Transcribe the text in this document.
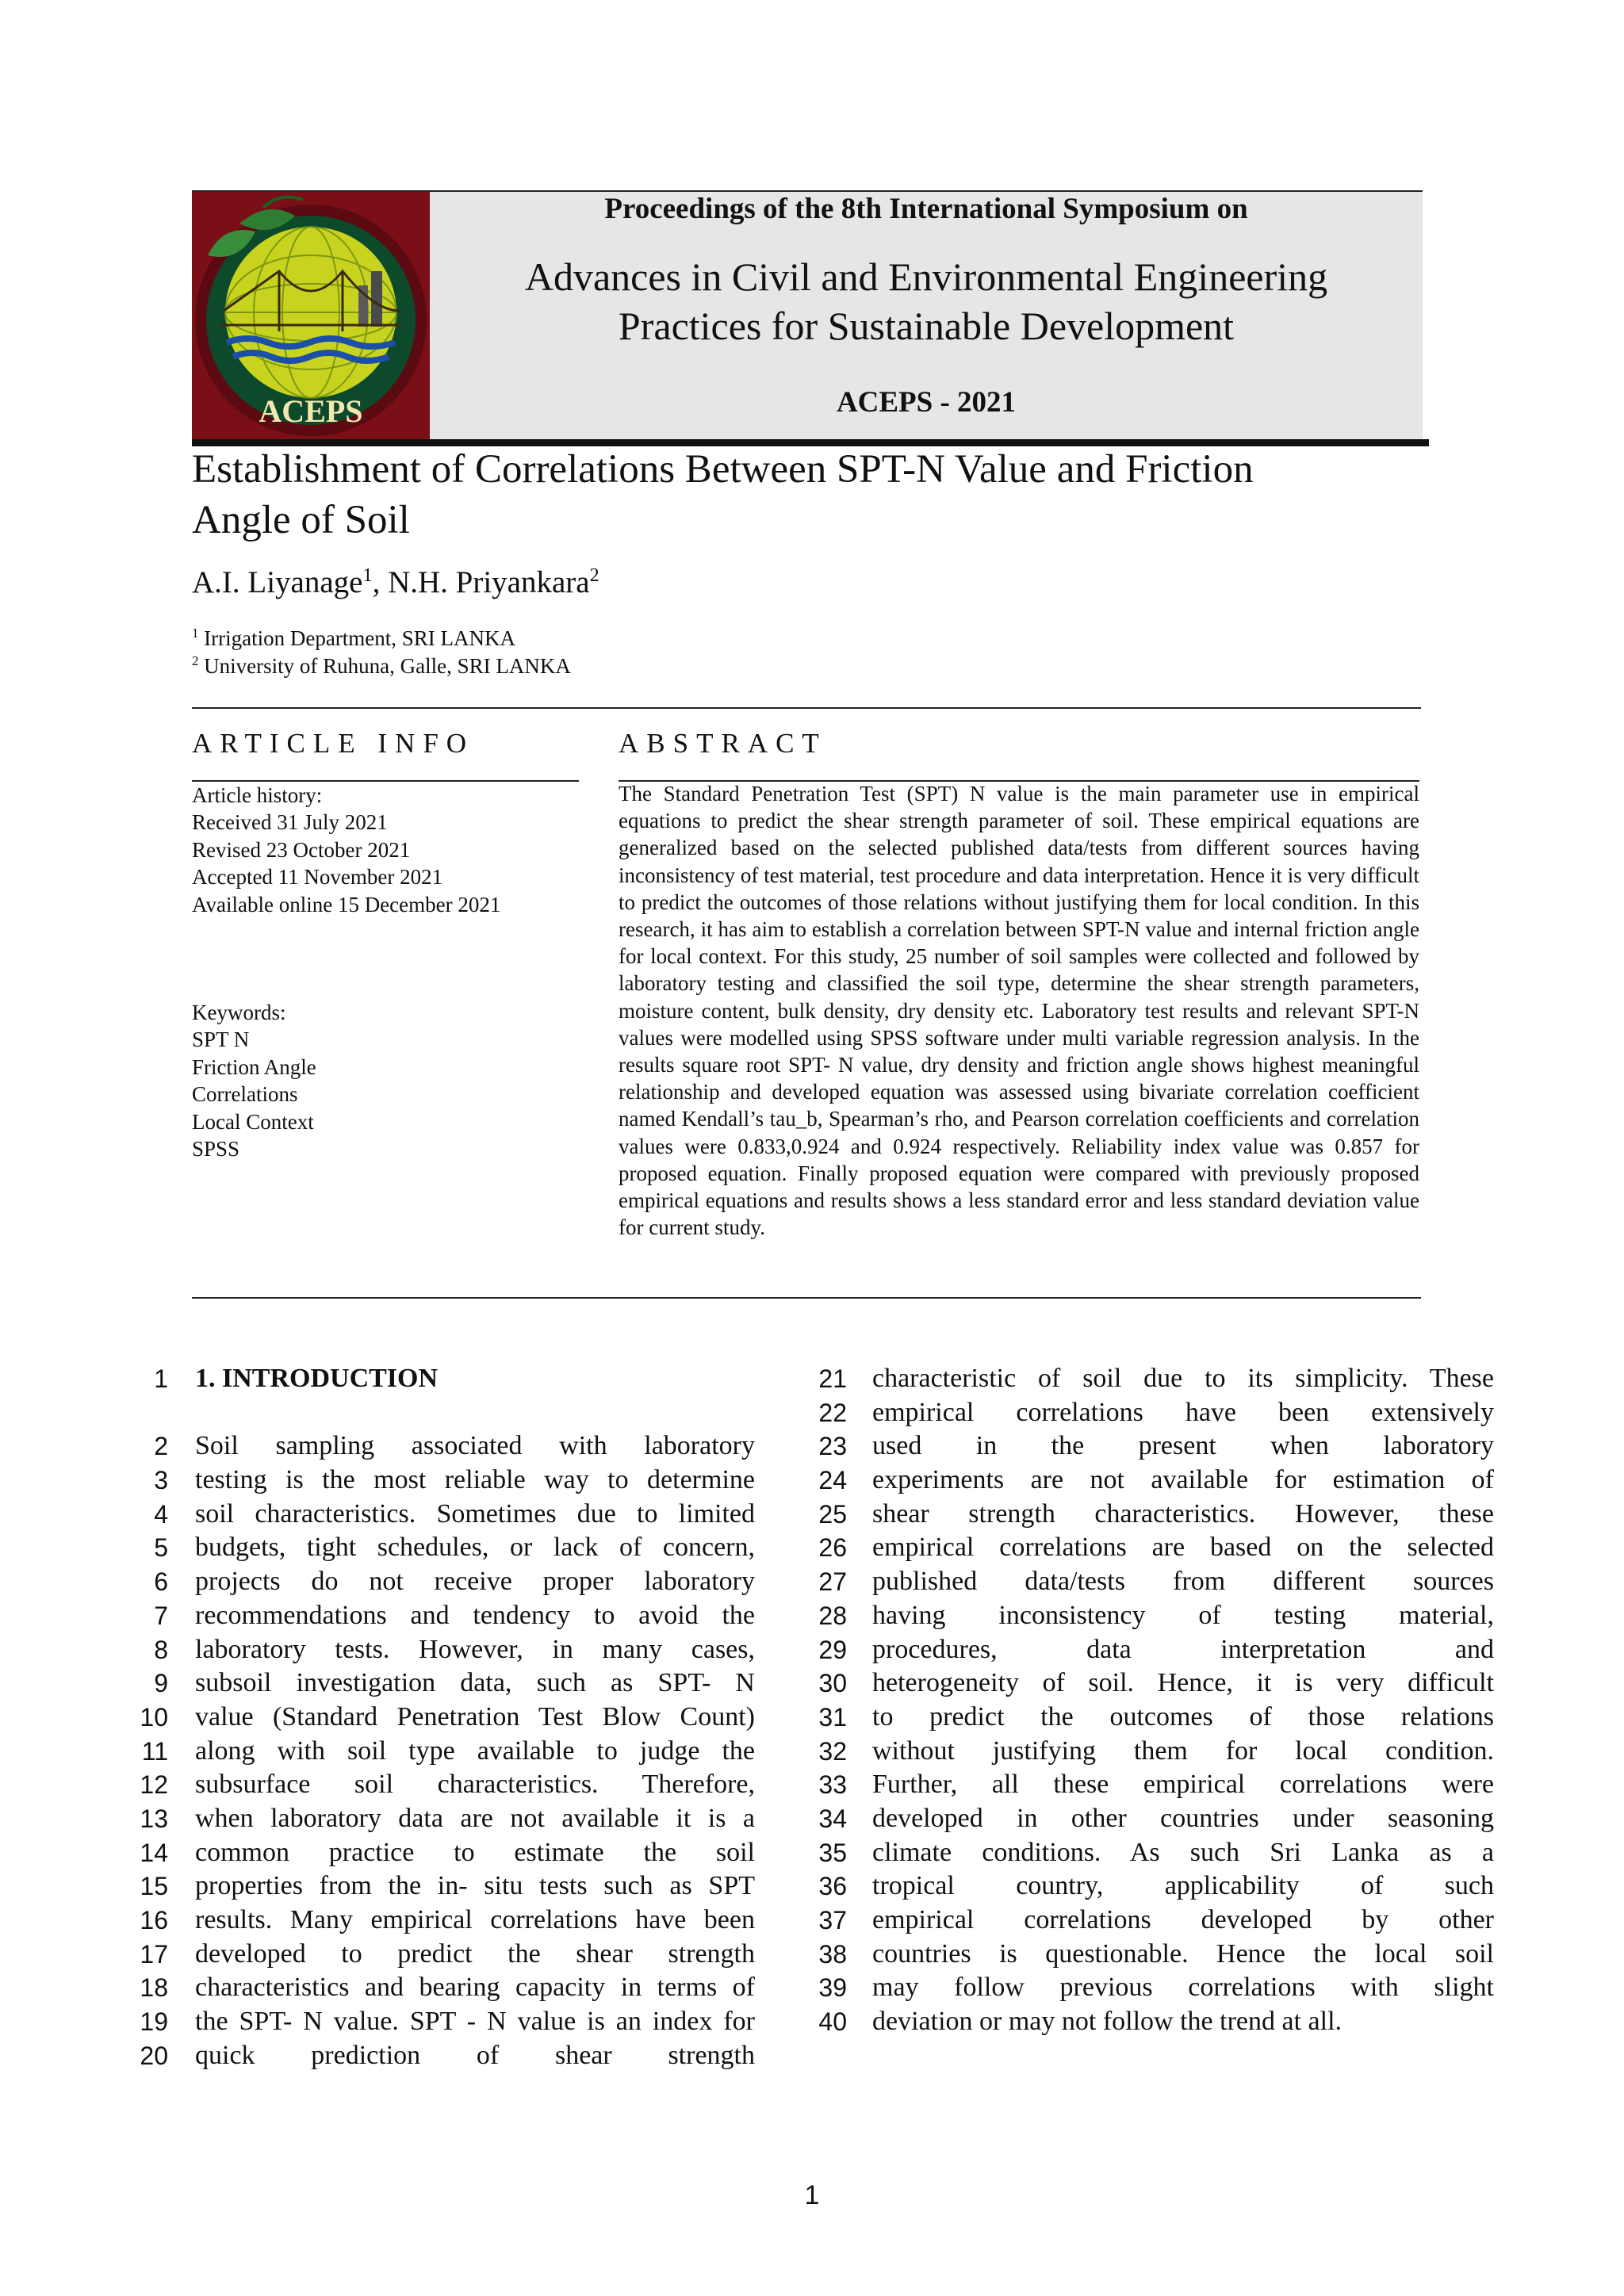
ACEPS
Proceedings of the 8th International Symposium on
Advances in Civil and Environmental Engineering
Practices for Sustainable Development
ACEPS - 2021
Establishment of Correlations Between SPT-N Value and Friction
Angle of Soil
A.I. Liyanage$^1$, N.H. Priyankara$^2$
$^1$ Irrigation Department, SRI LANKA
$^2$ University of Ruhuna, Galle, SRI LANKA
ARTICLE INFO
Article history:
Received 31 July 2021
Revised 23 October 2021
Accepted 11 November 2021
Available online 15 December 2021
Keywords:
SPT N
Friction Angle
Correlations
Local Context
SPSS
ABSTRACT
The Standard Penetration Test (SPT) N value is the main parameter use in empirical equations to predict the shear strength parameter of soil. These empirical equations are generalized based on the selected published data/tests from different sources having inconsistency of test material, test procedure and data interpretation. Hence it is very difficult to predict the outcomes of those relations without justifying them for local condition. In this research, it has aim to establish a correlation between SPT-N value and internal friction angle for local context. For this study, 25 number of soil samples were collected and followed by laboratory testing and classified the soil type, determine the shear strength parameters, moisture content, bulk density, dry density etc. Laboratory test results and relevant SPT-N values were modelled using SPSS software under multi variable regression analysis. In the results square root SPT- N value, dry density and friction angle shows highest meaningful relationship and developed equation was assessed using bivariate correlation coefficient named Kendall’s tau_b, Spearman’s rho, and Pearson correlation coefficients and correlation values were 0.833,0.924 and 0.924 respectively. Reliability index value was 0.857 for proposed equation. Finally proposed equation were compared with previously proposed empirical equations and results shows a less standard error and less standard deviation value for current study.
1 1. INTRODUCTION
2 Soil sampling associated with laboratory
3 testing is the most reliable way to determine
4 soil characteristics. Sometimes due to limited
5 budgets, tight schedules, or lack of concern,
6 projects do not receive proper laboratory
7 recommendations and tendency to avoid the
8 laboratory tests. However, in many cases,
9 subsoil investigation data, such as SPT- N
10 value (Standard Penetration Test Blow Count)
11 along with soil type available to judge the
12 subsurface soil characteristics. Therefore,
13 when laboratory data are not available it is a
14 common practice to estimate the soil
15 properties from the in- situ tests such as SPT
16 results. Many empirical correlations have been
17 developed to predict the shear strength
18 characteristics and bearing capacity in terms of
19 the SPT- N value. SPT - N value is an index for
20 quick prediction of shear strength
21 characteristic of soil due to its simplicity. These
22 empirical correlations have been extensively
23 used in the present when laboratory
24 experiments are not available for estimation of
25 shear strength characteristics. However, these
26 empirical correlations are based on the selected
27 published data/tests from different sources
28 having inconsistency of testing material,
29 procedures, data interpretation and
30 heterogeneity of soil. Hence, it is very difficult
31 to predict the outcomes of those relations
32 without justifying them for local condition.
33 Further, all these empirical correlations were
34 developed in other countries under seasoning
35 climate conditions. As such Sri Lanka as a
36 tropical country, applicability of such
37 empirical correlations developed by other
38 countries is questionable. Hence the local soil
39 may follow previous correlations with slight
40 deviation or may not follow the trend at all.
1
